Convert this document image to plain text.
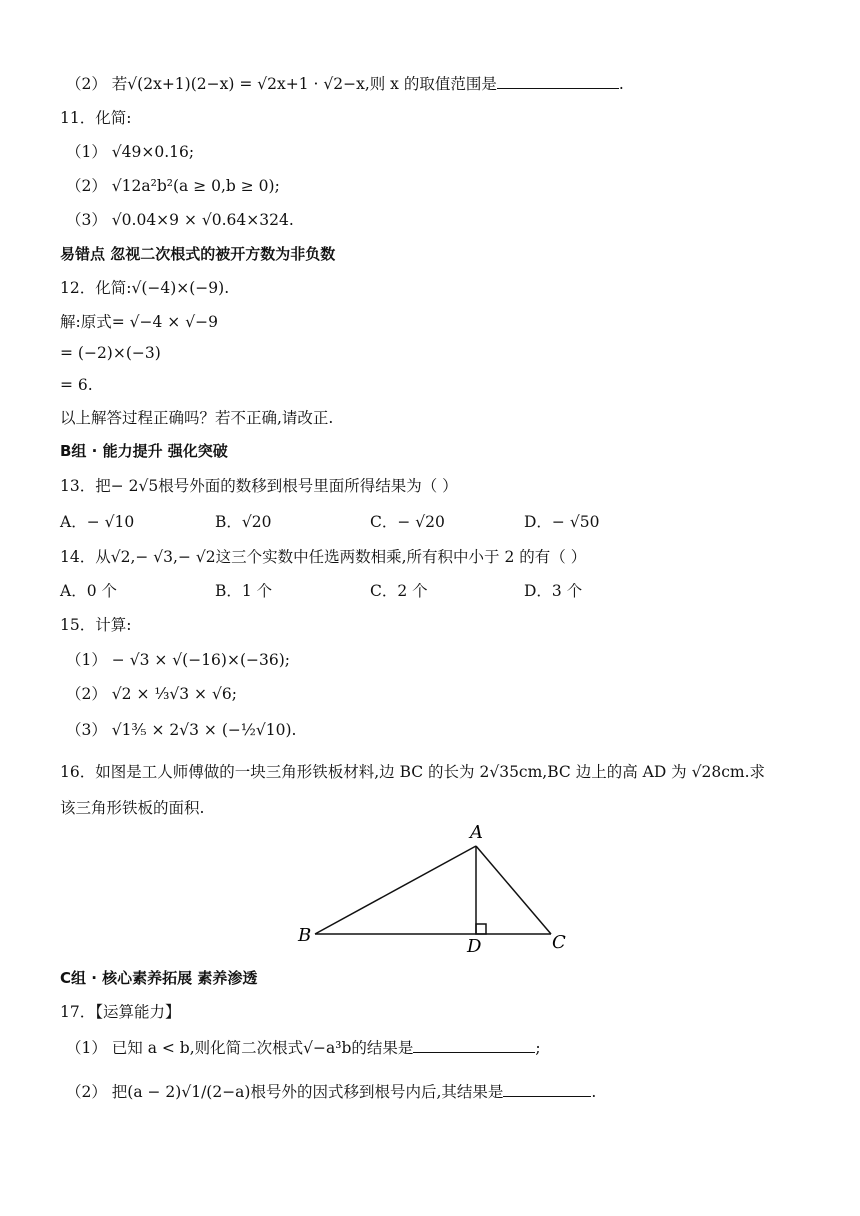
（2） 若√(2x+1)(2−x) = √2x+1 · √2−x,则 x 的取值范围是	.
11．化简:
（1） √49×0.16;
（2） √12a²b²(a ≥ 0,b ≥ 0);
（3） √0.04×9 × √0.64×324.
易错点 忽视二次根式的被开方数为非负数
12．化简:√(−4)×(−9).
解:原式= √−4 × √−9
= (−2)×(−3)
= 6.
以上解答过程正确吗？若不正确,请改正.
B组 · 能力提升 强化突破
13．把− 2√5根号外面的数移到根号里面所得结果为（ ）
A．− √10	B．√20	C．− √20	D．− √50
14．从√2,− √3,− √2这三个实数中任选两数相乘,所有积中小于 2 的有（ ）
A．0 个	B．1 个	C．2 个	D．3 个
15．计算:
（1） − √3 × √(−16)×(−36);
（2） √2 × ⅓√3 × √6;
（3） √1³⁄₅ × 2√3 × (−½√10).
16．如图是工人师傅做的一块三角形铁板材料,边 BC 的长为 2√35cm,BC 边上的高 AD 为 √28cm.求
该三角形铁板的面积.
A
B	C
D
C组 · 核心素养拓展 素养渗透
17．【运算能力】
（1） 已知 a < b,则化简二次根式√−a³b的结果是	;
（2） 把(a − 2)√1/(2−a)根号外的因式移到根号内后,其结果是	.
